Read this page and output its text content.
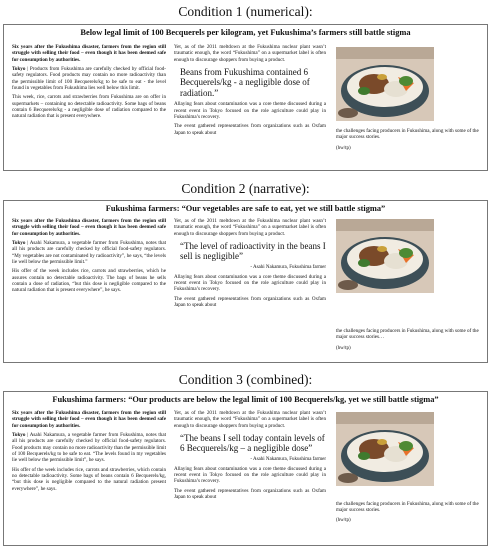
Condition 1 (numerical):
Below legal limit of 100 Becquerels per kilogram, yet Fukushima’s farmers still battle stigma

Six years after the Fukushima disaster, farmers from the region still struggle with selling their food – even though it has been deemed safe for consumption by authorities.

Tokyo | Products from Fukushima are carefully checked by official food-safety regulators. Food products may contain no more radioactivity than the permissible limit of 100 Becquerels/kg to be safe to eat - the level found in vegetables from Fukushima lies well below this limit.

This week, rice, carrots and strawberries from Fukushima are on offer in supermarkets – containing no detectable radioactivity. Some bags of beans contain 6 Becquerels/kg - a negligible dose of radiation compared to the natural radiation that is present everywhere.

Yet, as of the 2011 meltdown at the Fukushima nuclear plant wasn’t traumatic enough, the word “Fukushima” on a supermarket label is often enough to discourage shoppers from buying a product.

Beans from Fukushima contained 6 Becquerels/kg - a negligible dose of radiation.”

Allaying fears about contamination was a core theme discussed during a recent event in Tokyo focused on the role agriculture could play in Fukushima’s recovery.

The event gathered representatives from organizations such as Oxfam Japan to speak about	the challenges facing producers in Fukushima, along with some of the major success stories.
(hw/tp)
Condition 2 (narrative):
Fukushima farmers: “Our vegetables are safe to eat, yet we still battle stigma”

Six years after the Fukushima disaster, farmers from the region still struggle with selling their food – even though it has been deemed safe for consumption by authorities.

Tokyo | Asahi Nakamura, a vegetable farmer from Fukushima, notes that all his products are carefully checked by official food-safety regulators. “My vegetables are not contaminated by radioactivity”, he says, “the levels lie well below the permissible limit.”

His offer of the week includes rice, carrots and strawberries, which he assures contain no detectable radioactivity. The bags of beans he sells contain a dose of radiation, “but this dose is negligible compared to the natural radiation that is present everywhere”, he says.

Yet, as of the 2011 meltdown at the Fukushima nuclear plant wasn’t traumatic enough, the word “Fukushima” on a supermarket label is often enough to discourage shoppers from buying a product.

“The level of radioactivity in the beans I sell is negligible”
- Asahi Nakamura, Fukushima farmer

Allaying fears about contamination was a core theme discussed during a recent event in Tokyo focused on the role agriculture could play in Fukushima’s recovery.

The event gathered representatives from organizations such as Oxfam Japan to speak about

the challenges facing producers in Fukushima, along with some of the major success stories…
(hw/tp)
Condition 3 (combined):
Fukushima farmers: “Our products are below the legal limit of 100 Becquerels/kg, yet we still battle stigma”

Six years after the Fukushima disaster, farmers from the region still struggle with selling their food – even though it has been deemed safe for consumption by authorities.

Tokyo | Asahi Nakamura, a vegetable farmer from Fukushima, notes that all his products are carefully checked by official food-safety regulators. Food products may contain no more radioactivity than the permissible limit of 100 Becquerels/kg to be safe to eat. “The levels found in my vegetables lie well below the permissible limit”, he says.

His offer of the week includes rice, carrots and strawberries, which contain no detectable radioactivity. Some bags of beans contain 6 Becquerels/kg, “but this dose is negligible compared to the natural radiation present everywhere”, he says.

Yet, as of the 2011 meltdown at the Fukushima nuclear plant wasn’t traumatic enough, the word “Fukushima” on a supermarket label is often enough to discourage shoppers from buying a product.

“The beans I sell today contain levels of 6 Becquerels/kg – a negligible dose”
- Asahi Nakamura, Fukushima farmer

Allaying fears about contamination was a core theme discussed during a recent event in Tokyo focused on the role agriculture could play in Fukushima’s recovery.

The event gathered representatives from organizations such as Oxfam Japan to speak about

the challenges facing producers in Fukushima, along with some of the major success stories.
(hw/tp)
